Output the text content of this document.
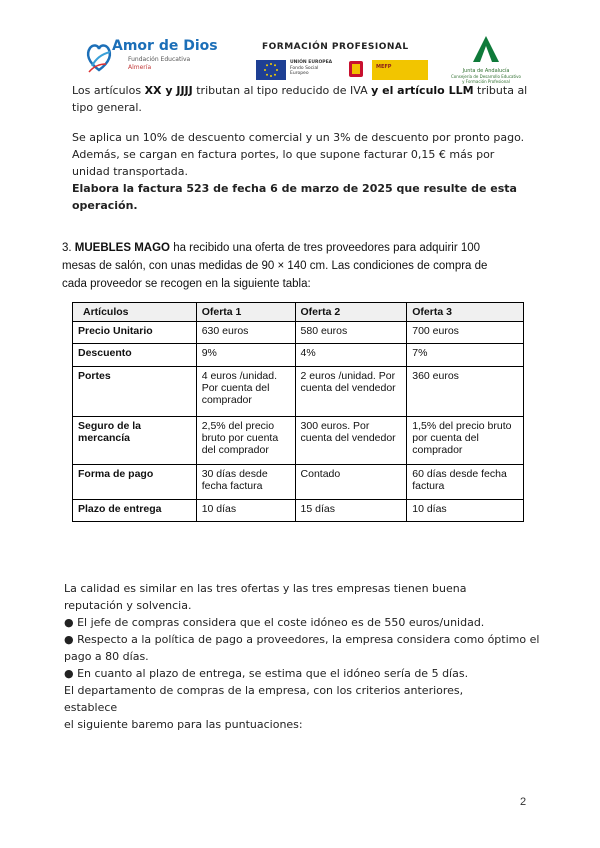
Amor de Dios
Fundación Educativa
Almería
FORMACIÓN PROFESIONAL
UNIÓN EUROPEA
Fondo Social Europeo
MEFP
Junta de Andalucía
Consejería de Desarrollo Educativo y Formación Profesional
Los artículos XX y JJJJ tributan al tipo reducido de IVA y el artículo LLM tributa al
tipo general.
Se aplica un 10% de descuento comercial y un 3% de descuento por pronto pago.
Además, se cargan en factura portes, lo que supone facturar 0,15 € más por
unidad transportada.
Elabora la factura 523 de fecha 6 de marzo de 2025 que resulte de esta
operación.
3. MUEBLES MAGO ha recibido una oferta de tres proveedores para adquirir 100
mesas de salón, con unas medidas de 90 × 140 cm. Las condiciones de compra de
cada proveedor se recogen en la siguiente tabla:
Artículos	Oferta 1	Oferta 2	Oferta 3
Precio Unitario	630 euros	580 euros	700 euros
Descuento	9%	4%	7%
Portes	4 euros /unidad. Por cuenta del comprador	2 euros /unidad. Por cuenta del vendedor	360 euros
Seguro de la mercancía	2,5% del precio bruto por cuenta del comprador	300 euros. Por cuenta del vendedor	1,5% del precio bruto por cuenta del comprador
Forma de pago	30 días desde fecha factura	Contado	60 días desde fecha factura
Plazo de entrega	10 días	15 días	10 días
La calidad es similar en las tres ofertas y las tres empresas tienen buena
reputación y solvencia.
● El jefe de compras considera que el coste idóneo es de 550 euros/unidad.
● Respecto a la política de pago a proveedores, la empresa considera como óptimo el
pago a 80 días.
● En cuanto al plazo de entrega, se estima que el idóneo sería de 5 días.
El departamento de compras de la empresa, con los criterios anteriores,
establece
el siguiente baremo para las puntuaciones:
2
